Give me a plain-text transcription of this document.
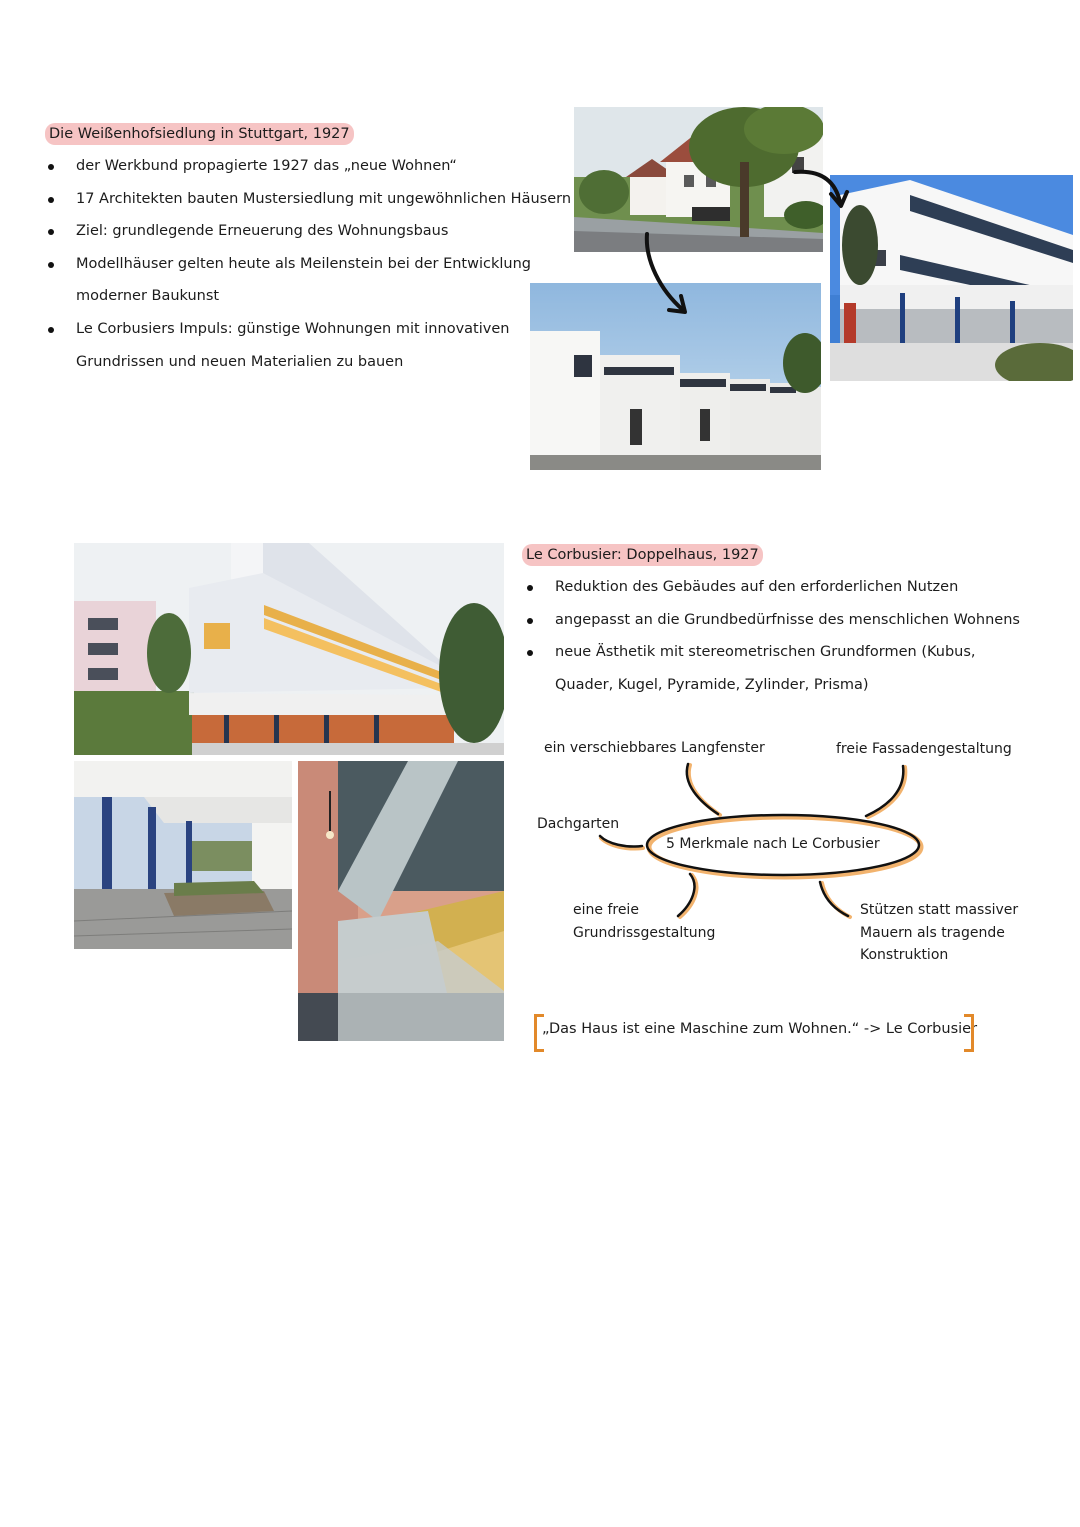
Die Weißenhofsiedlung in Stuttgart, 1927
der Werkbund propagierte 1927 das „neue Wohnen“
17 Architekten bauten Mustersiedlung mit ungewöhnlichen Häusern
Ziel: grundlegende Erneuerung des Wohnungsbaus
Modellhäuser gelten heute als Meilenstein bei der Entwicklung moderner Baukunst
Le Corbusiers Impuls: günstige Wohnungen mit innovativen Grundrissen und neuen Materialien zu bauen
Le Corbusier: Doppelhaus, 1927
Reduktion des Gebäudes auf den erforderlichen Nutzen
angepasst an die Grundbedürfnisse des menschlichen Wohnens
neue Ästhetik mit stereometrischen Grundformen (Kubus, Quader, Kugel, Pyramide, Zylinder, Prisma)
5 Merkmale nach Le Corbusier
ein verschiebbares Langfenster	freie Fassadengestaltung
Dachgarten
eine freie Grundrissgestaltung
Stützen statt massiver Mauern als tragende Konstruktion
„Das Haus ist eine Maschine zum Wohnen.“ -> Le Corbusier
